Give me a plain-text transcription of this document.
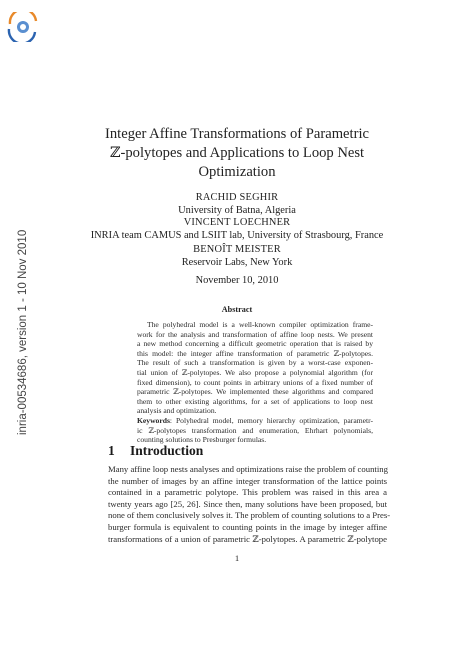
inria-00534686, version 1 - 10 Nov 2010
Integer Affine Transformations of Parametric
ℤ-polytopes and Applications to Loop Nest
Optimization
RACHID SEGHIR
University of Batna, Algeria
VINCENT LOECHNER
INRIA team CAMUS and LSIIT lab, University of Strasbourg, France
BENOÎT MEISTER
Reservoir Labs, New York
November 10, 2010
Abstract
The polyhedral model is a well-known compiler optimization frame-
work for the analysis and transformation of affine loop nests. We present
a new method concerning a difficult geometric operation that is raised by
this model: the integer affine transformation of parametric ℤ-polytopes.
The result of such a transformation is given by a worst-case exponen-
tial union of ℤ-polytopes. We also propose a polynomial algorithm (for
fixed dimension), to count points in arbitrary unions of a fixed number of
parametric ℤ-polytopes. We implemented these algorithms and compared
them to other existing algorithms, for a set of applications to loop nest
analysis and optimization.
Keywords: Polyhedral model, memory hierarchy optimization, parametr-
ic ℤ-polytopes transformation and enumeration, Ehrhart polynomials,
counting solutions to Presburger formulas.
1 Introduction
Many affine loop nests analyses and optimizations raise the problem of counting
the number of images by an affine integer transformation of the lattice points
contained in a parametric polytope. This problem was raised in this area a
twenty years ago [25, 26]. Since then, many solutions have been proposed, but
none of them conclusively solves it. The problem of counting solutions to a Pres-
burger formula is equivalent to counting points in the image by integer affine
transformations of a union of parametric ℤ-polytopes. A parametric ℤ-polytope
1
